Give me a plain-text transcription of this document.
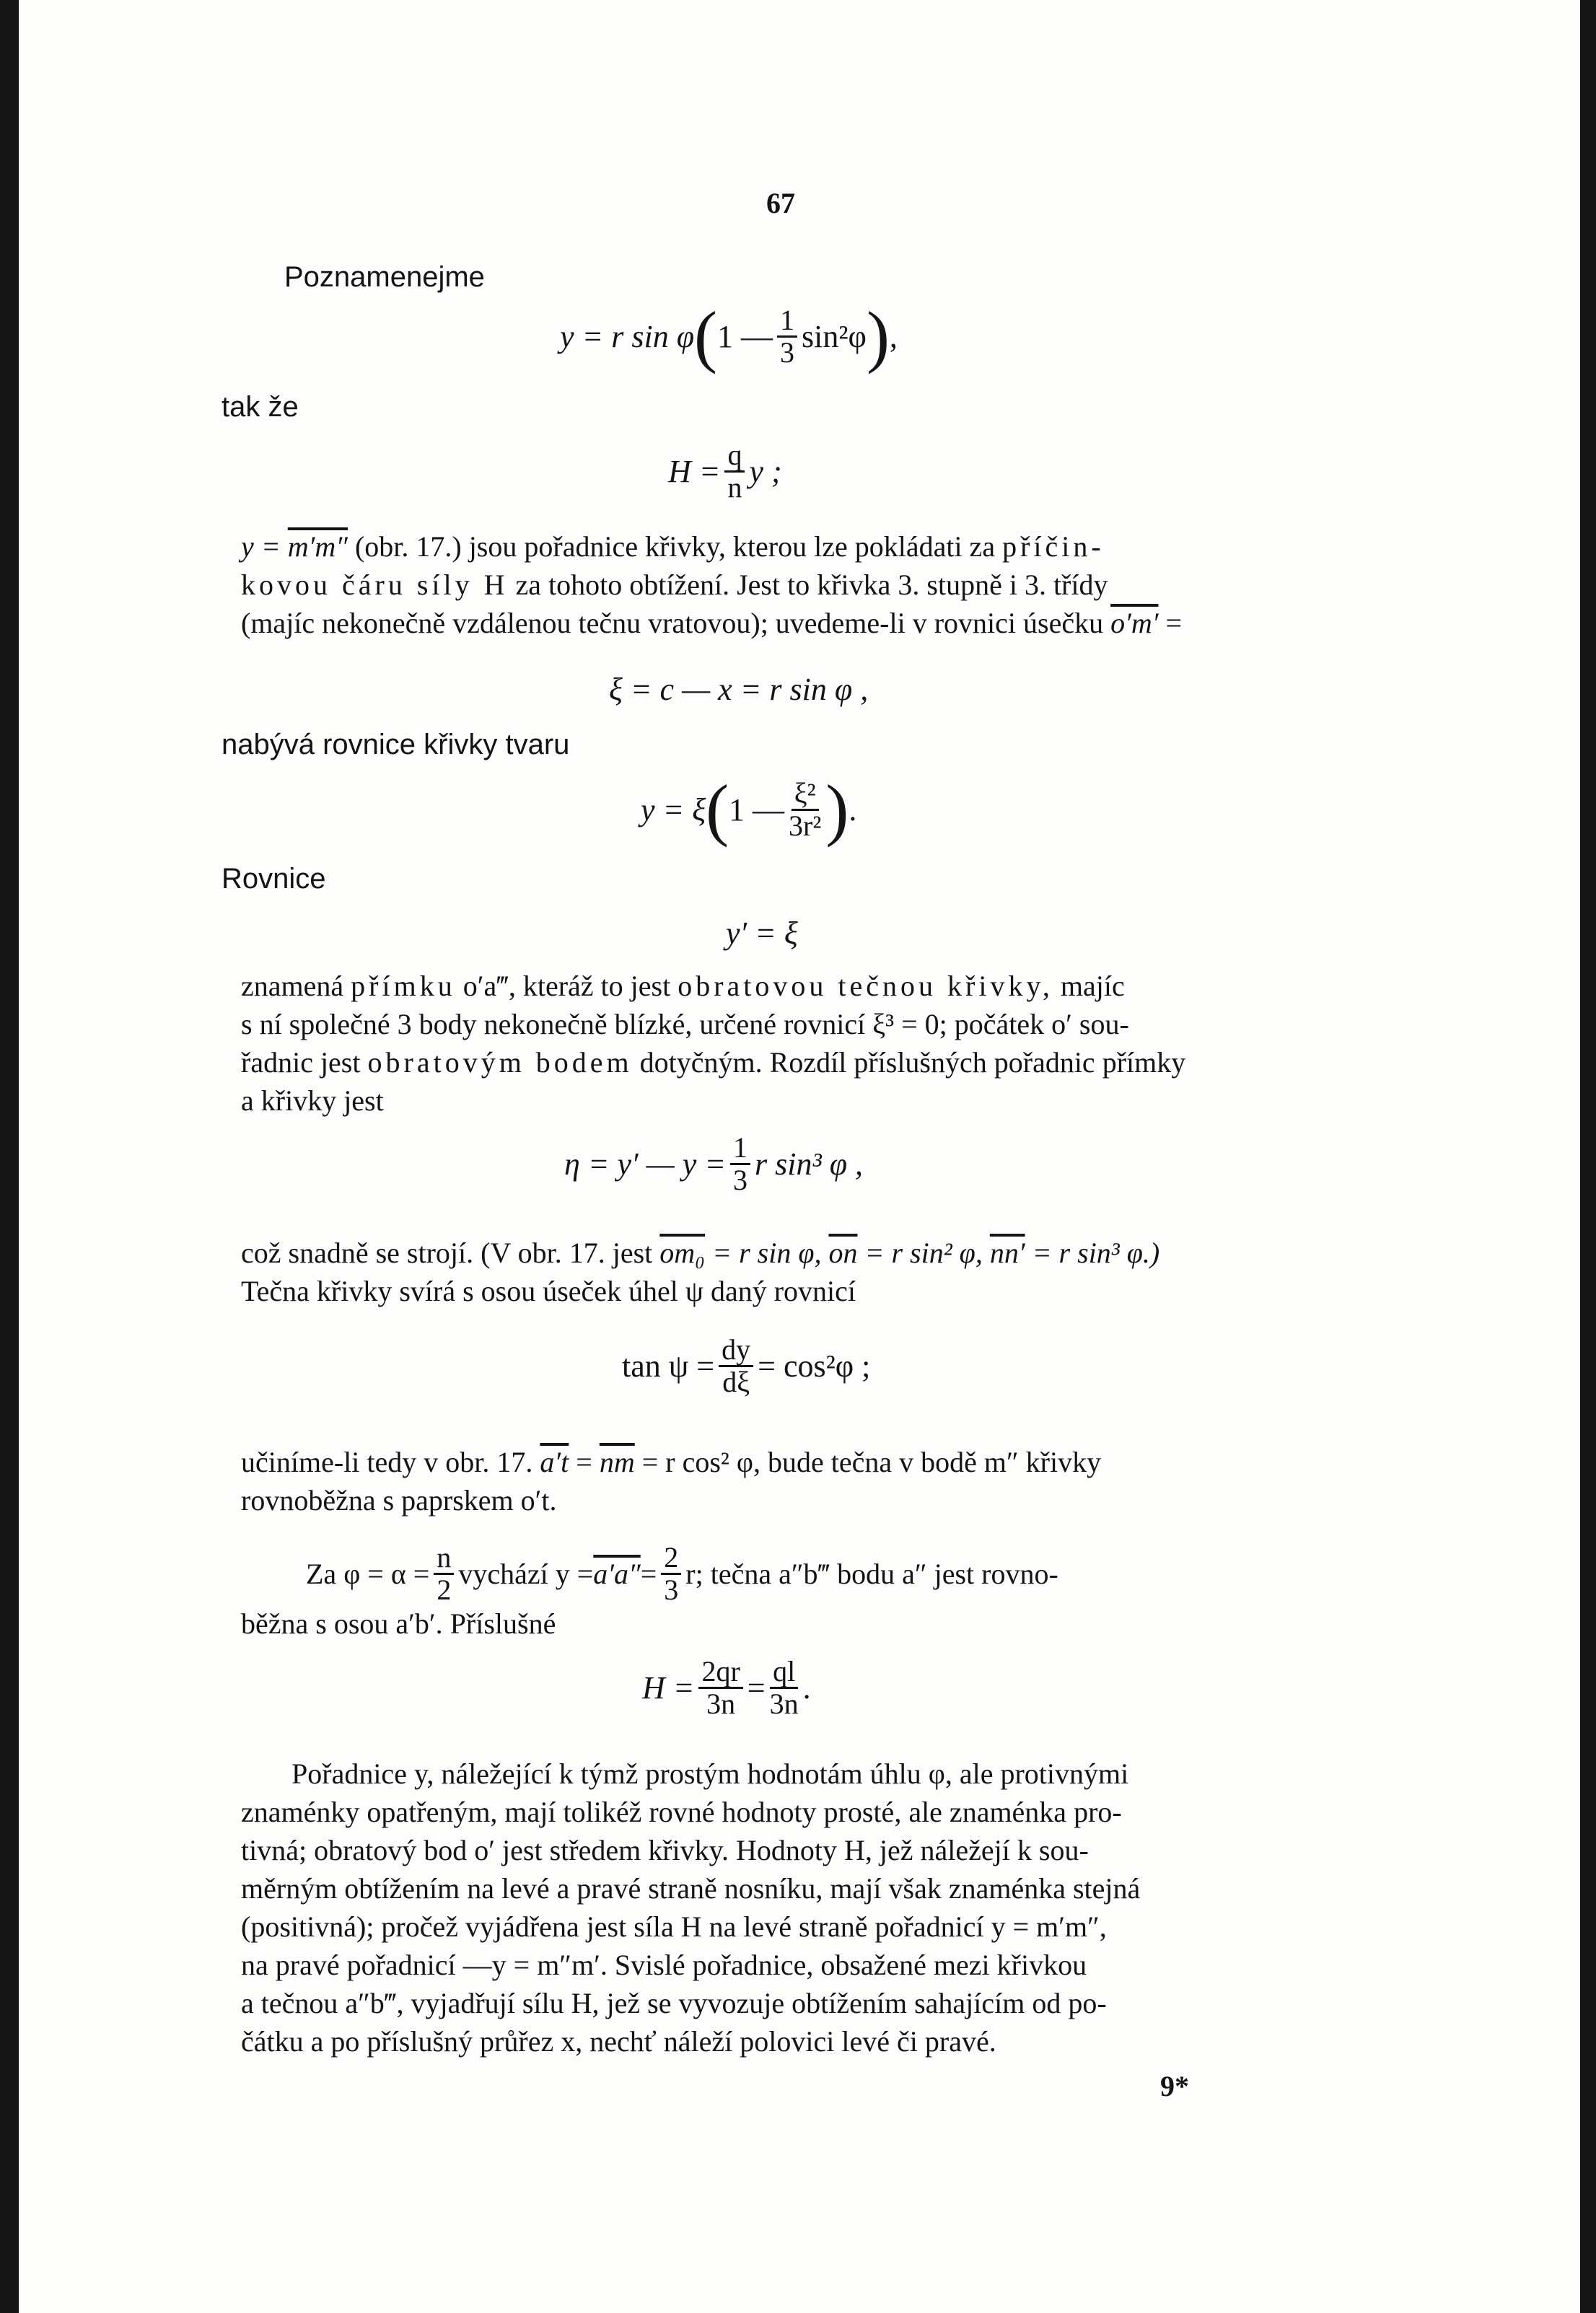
67
Poznamenejme
y = r sin φ ( 1 — $\frac{1}{3} \sin^2\varphi$ ) ,
tak že
$H = \frac{q}{n}$ y ;
y = m′m″ (obr. 17.) jsou pořadnice křivky, kterou lze pokládati za příčin-
kovou čáru síly H za tohoto obtížení. Jest to křivka 3. stupně i 3. třídy
(majíc nekonečně vzdálenou tečnu vratovou); uvedeme-li v rovnici úsečku o′m′ =
ξ = c — x = r sin φ ,
nabývá rovnice křivky tvaru
y = ξ ( 1 — $\frac{\text{ξ²}}{\text{3r²}}$ ) .
Rovnice
y′ = ξ
znamená přímku o′a‴, kteráž to jest obratovou tečnou křivky, majíc
s ní společné 3 body nekonečně blízké, určené rovnicí ξ³ = 0; počátek o′ sou-
řadnic jest obratovým bodem dotyčným. Rozdíl příslušných pořadnic přímky
a křivky jest
η = y′ — $y = \frac{1}{3}$ r sin³ φ ,
což snadně se strojí. (V obr. 17. jest om₀ = r sin φ, $\overline{on} = r$ sin² φ, nn′ = r sin³ φ.)
Tečna křivky svírá s osou úseček úhel ψ daný rovnicí
$\tan \psi = \frac{dy}{d\xi} = \cos^2\varphi$ ;
učiníme-li tedy v obr. 17. $a't = \overline{nm} = r$ cos² φ, bude tečna v bodě m″ křivky
rovnoběžna s paprskem o′t.
Za $\varphi = \alpha = \frac{n}{2}$ vychází $y = a'a'' = \frac{2}{3} r$; tečna a″b‴ bodu a″ jest rovno-
běžna s osou a′b′. Příslušné
$H = \frac{2qr}{3n} = \frac{ql}{3n}$ .
Pořadnice y, náležející k týmž prostým hodnotám úhlu φ, ale protivnými
znaménky opatřeným, mají tolikéž rovné hodnoty prosté, ale znaménka pro-
tivná; obratový bod o′ jest středem křivky. Hodnoty H, jež náležejí k sou-
měrným obtížením na levé a pravé straně nosníku, mají však znaménka stejná
(positivná); pročež vyjádřena jest síla H na levé straně pořadnicí y = m′m″,
na pravé pořadnicí —y = m″m′. Svislé pořadnice, obsažené mezi křivkou
a tečnou a″b‴, vyjadřují sílu H, jež se vyvozuje obtížením sahajícím od po-
čátku a po příslušný průřez x, nechť náleží polovici levé či pravé.
9*
